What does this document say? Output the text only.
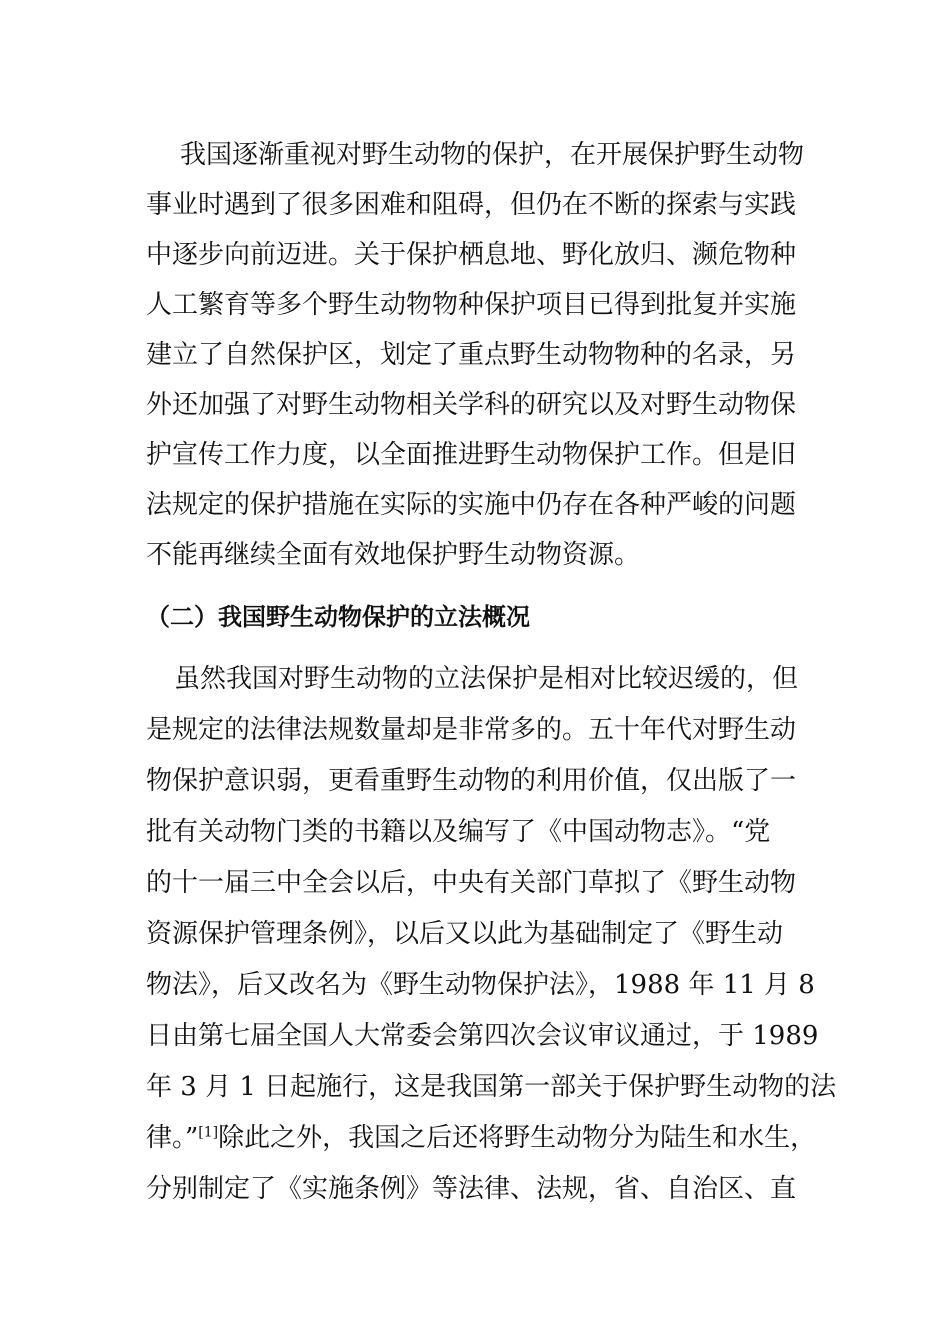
我国逐渐重视对野生动物的保护，在开展保护野生动物
事业时遇到了很多困难和阻碍，但仍在不断的探索与实践
中逐步向前迈进。关于保护栖息地、野化放归、濒危物种
人工繁育等多个野生动物物种保护项目已得到批复并实施
建立了自然保护区，划定了重点野生动物物种的名录，另
外还加强了对野生动物相关学科的研究以及对野生动物保
护宣传工作力度，以全面推进野生动物保护工作。但是旧
法规定的保护措施在实际的实施中仍存在各种严峻的问题
不能再继续全面有效地保护野生动物资源。
（二）我国野生动物保护的立法概况
虽然我国对野生动物的立法保护是相对比较迟缓的，但
是规定的法律法规数量却是非常多的。五十年代对野生动
物保护意识弱，更看重野生动物的利用价值，仅出版了一
批有关动物门类的书籍以及编写了《中国动物志》。“党
的十一届三中全会以后，中央有关部门草拟了《野生动物
资源保护管理条例》，以后又以此为基础制定了《野生动
物法》，后又改名为《野生动物保护法》，1988 年 11 月 8
日由第七届全国人大常委会第四次会议审议通过，于 1989
年 3 月 1 日起施行，这是我国第一部关于保护野生动物的法
律。”[1]除此之外，我国之后还将野生动物分为陆生和水生，
分别制定了《实施条例》等法律、法规，省、自治区、直
